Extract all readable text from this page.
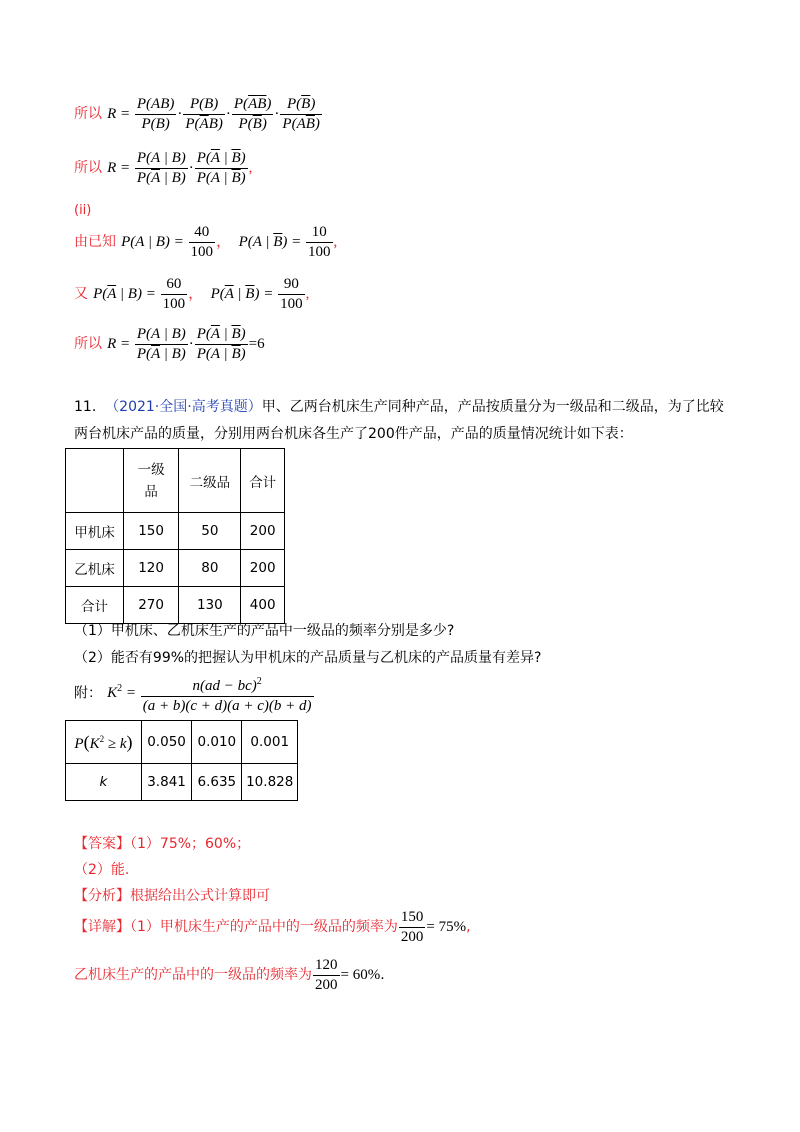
所以 $R = \frac{P(AB)}{P(B)} \cdot \frac{P(B)}{P(\overline{A}B)} \cdot \frac{P(\overline{A}\overline{B})}{P(\overline{B})} \cdot \frac{P(\overline{B})}{P(A\overline{B})}$
所以 $R = \frac{P(A | B)}{P(\overline{A} | B)} \cdot \frac{P(\overline{A} | \overline{B})}{P(A | \overline{B})}$ ,
(ii)
由已知 P(A | $B) = \frac{40}{100}$ ，  P(A | $\overline{B}) = \frac{10}{100}$ ,
又 $P(\overline{A}$ | $B) = \frac{60}{100}$ ，  $P(\overline{A}$ | $\overline{B}) = \frac{90}{100}$ ,
所以 $R = \frac{P(A | B)}{P(\overline{A} | B)} \cdot \frac{P(\overline{A} | \overline{B})}{P(A | \overline{B})} =6$
11. （2021·全国·高考真题）甲、乙两台机床生产同种产品，产品按质量分为一级品和二级品，为了比较
两台机床产品的质量，分别用两台机床各生产了200件产品，产品的质量情况统计如下表：
	一级品	二级品	合计
甲机床	150	50	200
乙机床	120	80	200
合计	270	130	400
（1）甲机床、乙机床生产的产品中一级品的频率分别是多少?
（2）能否有99%的把握认为甲机床的产品质量与乙机床的产品质量有差异?
附： $K^2 = \frac{n(ad - bc)^2}{(a + b)(c + d)(a + c)(b + d)}$
$P(K^2 \ge k)$	0.050	0.010	0.001
k	3.841	6.635	10.828
【答案】（1）75%；60%；
（2）能.
【分析】根据给出公式计算即可
【详解】（1）甲机床生产的产品中的一级品的频率为 $\frac{150}{200} = 75\%$,
乙机床生产的产品中的一级品的频率为 $\frac{120}{200} = 60\%$.
